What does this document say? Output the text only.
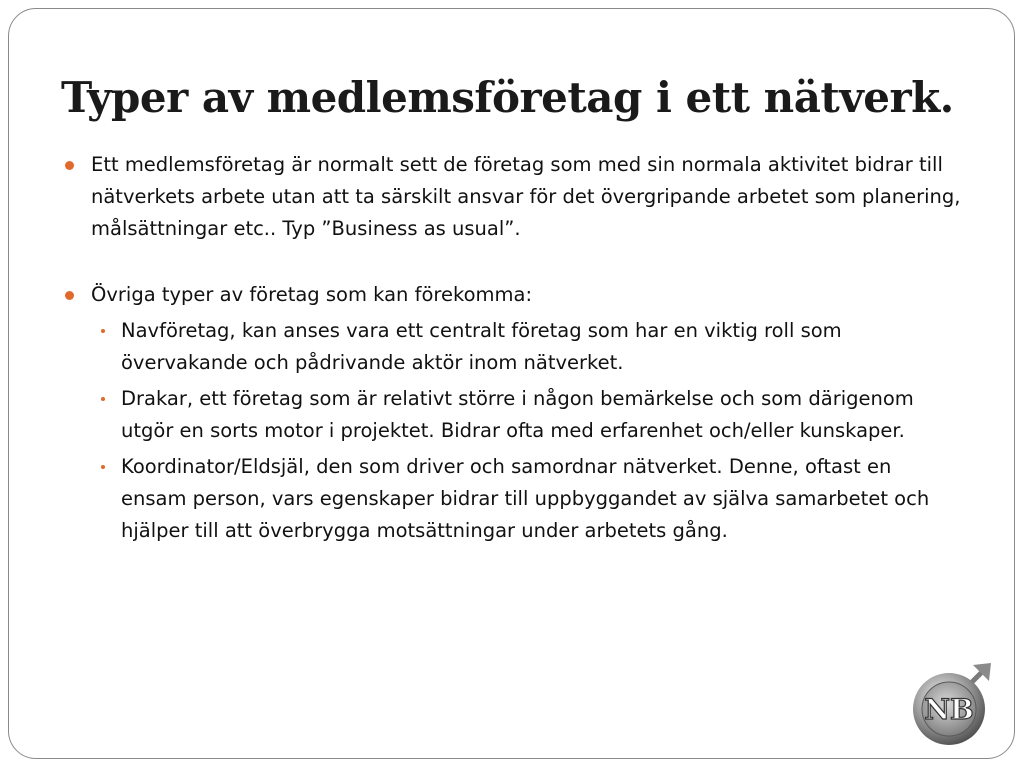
Typer av medlemsföretag i ett nätverk.
Ett medlemsföretag är normalt sett de företag som med sin normala aktivitet bidrar till nätverkets arbete utan att ta särskilt ansvar för det övergripande arbetet som planering, målsättningar etc.. Typ ”Business as usual”.
Övriga typer av företag som kan förekomma:
Navföretag, kan anses vara ett centralt företag som har en viktig roll som övervakande och pådrivande aktör inom nätverket.
Drakar, ett företag som är relativt större i någon bemärkelse och som därigenom utgör en sorts motor i projektet. Bidrar ofta med erfarenhet och/eller kunskaper.
Koordinator/Eldsjäl, den som driver och samordnar nätverket. Denne, oftast en ensam person, vars egenskaper bidrar till uppbyggandet av själva samarbetet och hjälper till att överbrygga motsättningar under arbetets gång.
NB
